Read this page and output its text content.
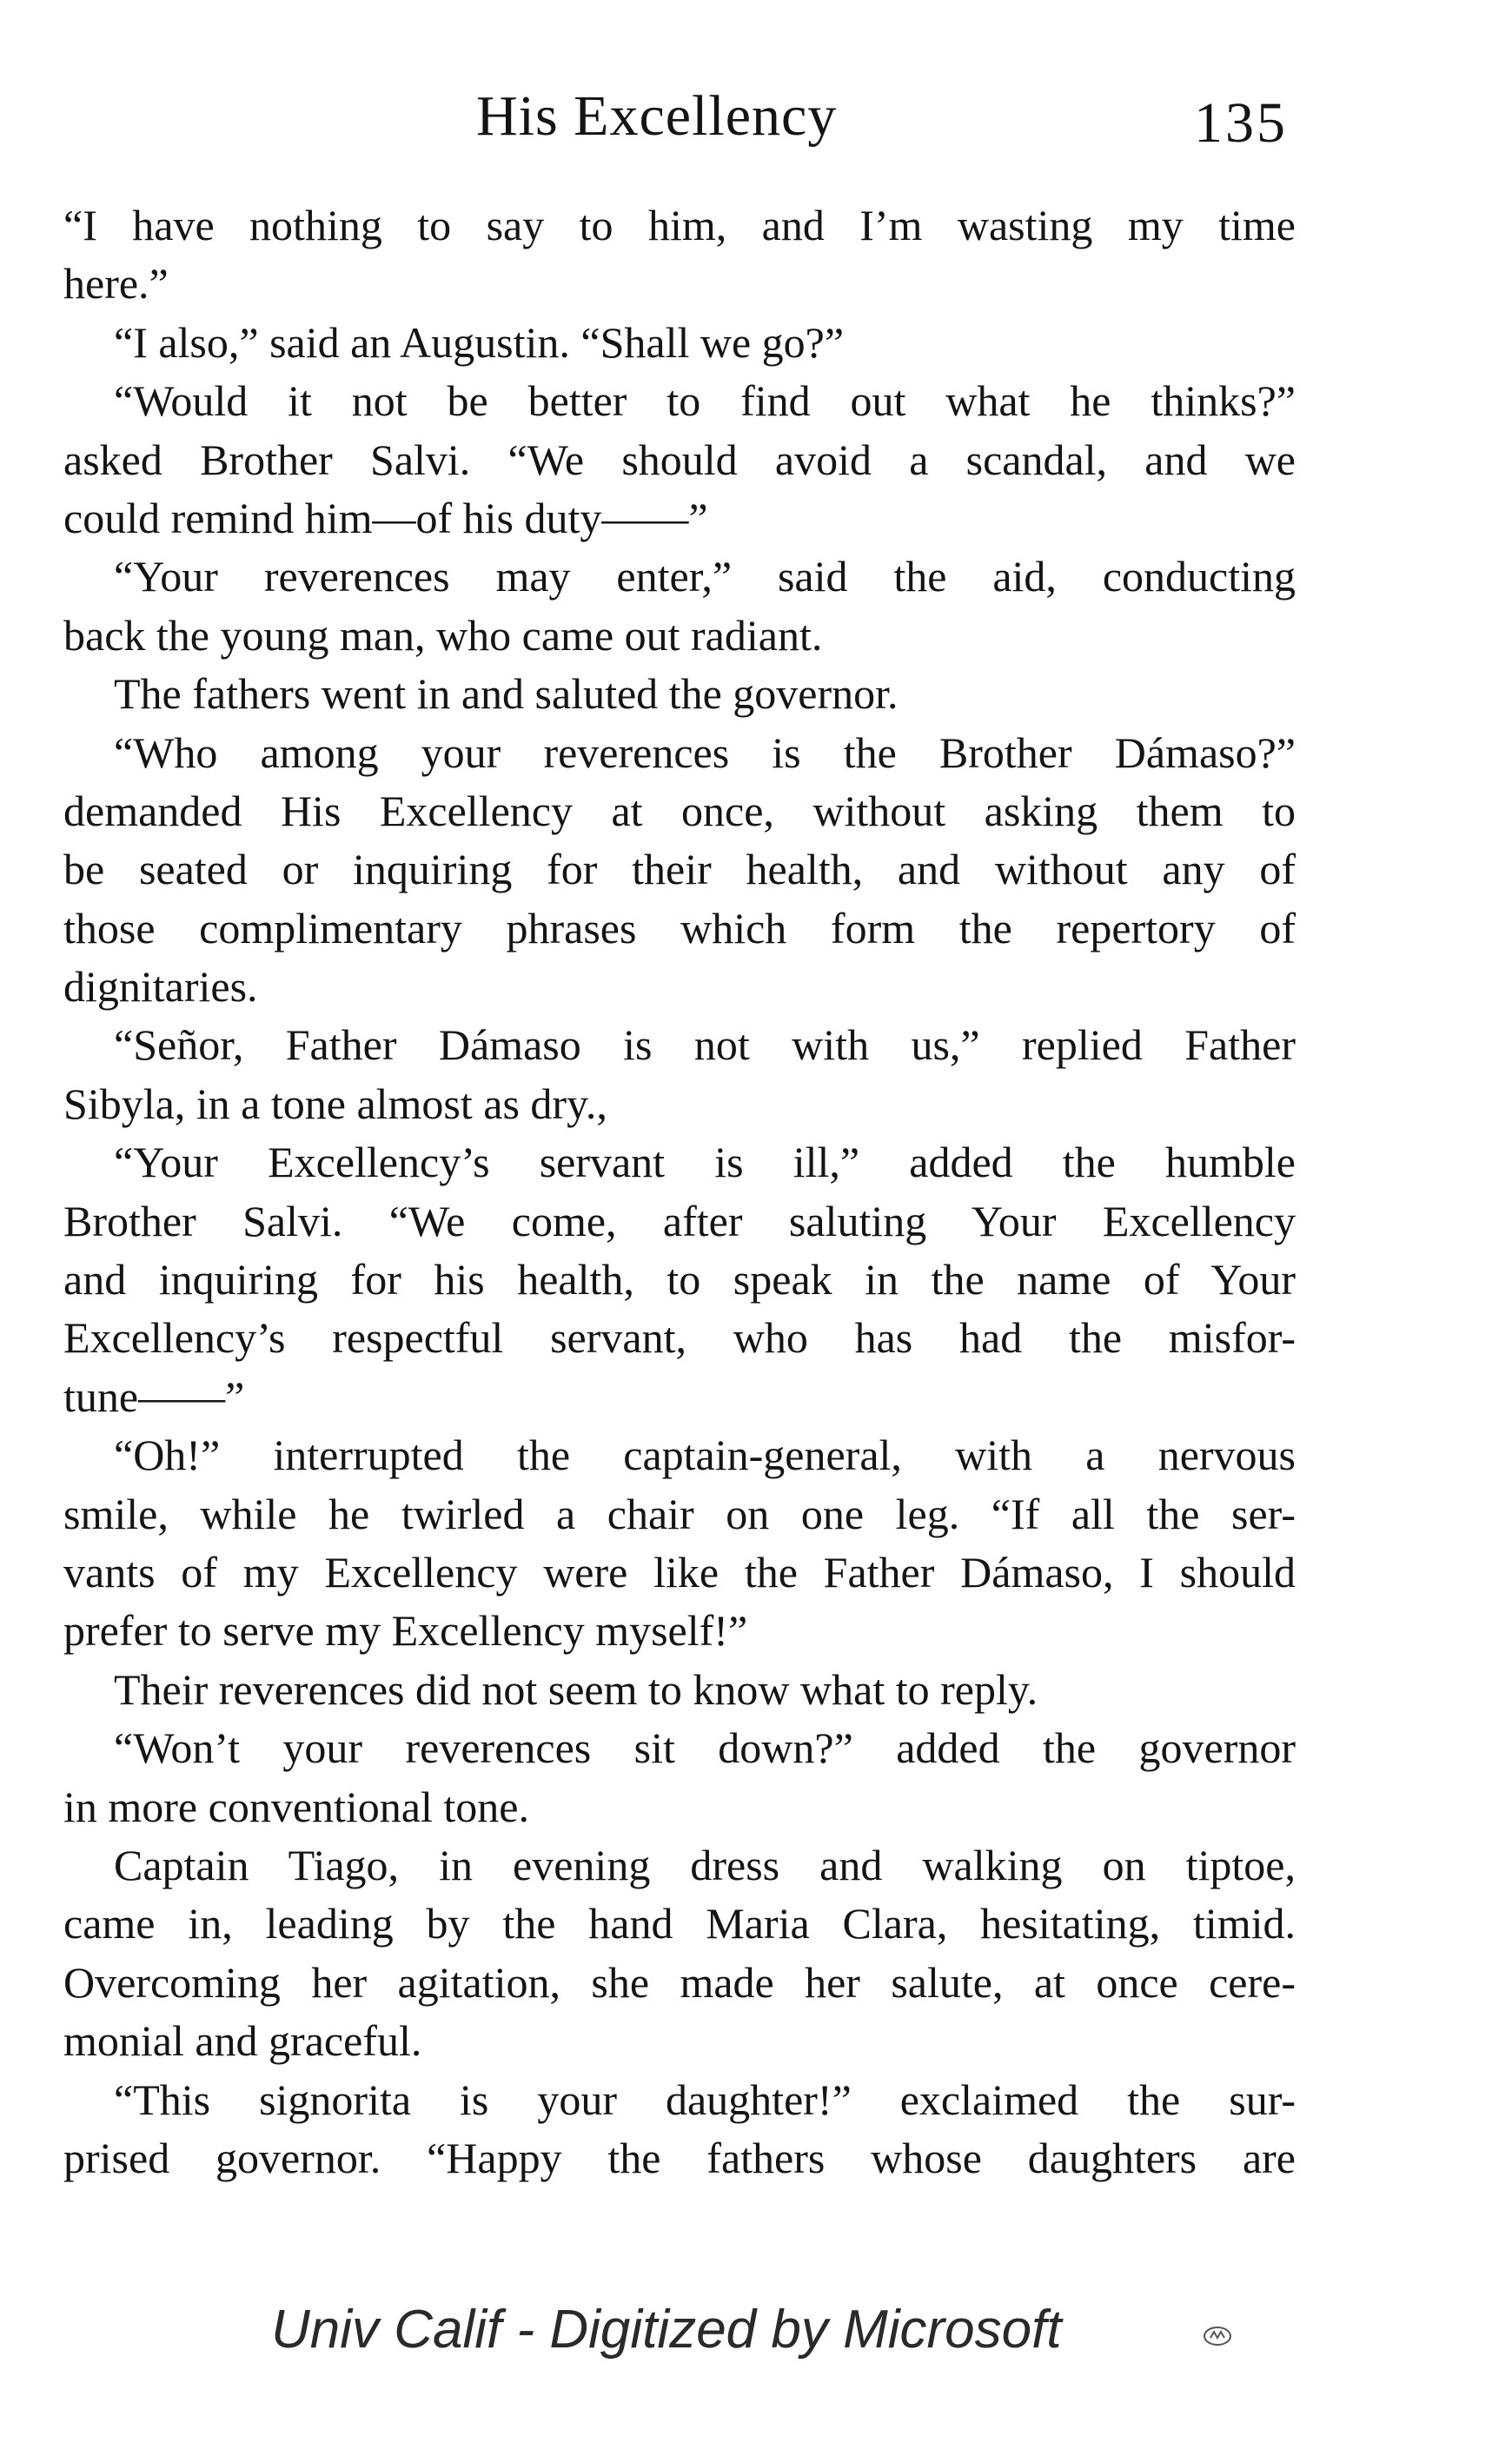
His Excellency	135
“I have nothing to say to him, and I’m wasting my time
here.”
“I also,” said an Augustin. “Shall we go?”
“Would it not be better to find out what he thinks?”
asked Brother Salvi. “We should avoid a scandal, and we
could remind him—of his duty——”
“Your reverences may enter,” said the aid, conducting
back the young man, who came out radiant.
The fathers went in and saluted the governor.
“Who among your reverences is the Brother Dámaso?”
demanded His Excellency at once, without asking them to
be seated or inquiring for their health, and without any of
those complimentary phrases which form the repertory of
dignitaries.
“Señor, Father Dámaso is not with us,” replied Father
Sibyla, in a tone almost as dry.,
“Your Excellency’s servant is ill,” added the humble
Brother Salvi. “We come, after saluting Your Excellency
and inquiring for his health, to speak in the name of Your
Excellency’s respectful servant, who has had the misfor-
tune——”
“Oh!” interrupted the captain-general, with a nervous
smile, while he twirled a chair on one leg. “If all the ser-
vants of my Excellency were like the Father Dámaso, I should
prefer to serve my Excellency myself!”
Their reverences did not seem to know what to reply.
“Won’t your reverences sit down?” added the governor
in more conventional tone.
Captain Tiago, in evening dress and walking on tiptoe,
came in, leading by the hand Maria Clara, hesitating, timid.
Overcoming her agitation, she made her salute, at once cere-
monial and graceful.
“This signorita is your daughter!” exclaimed the sur-
prised governor. “Happy the fathers whose daughters are
Univ Calif - Digitized by Microsoft
